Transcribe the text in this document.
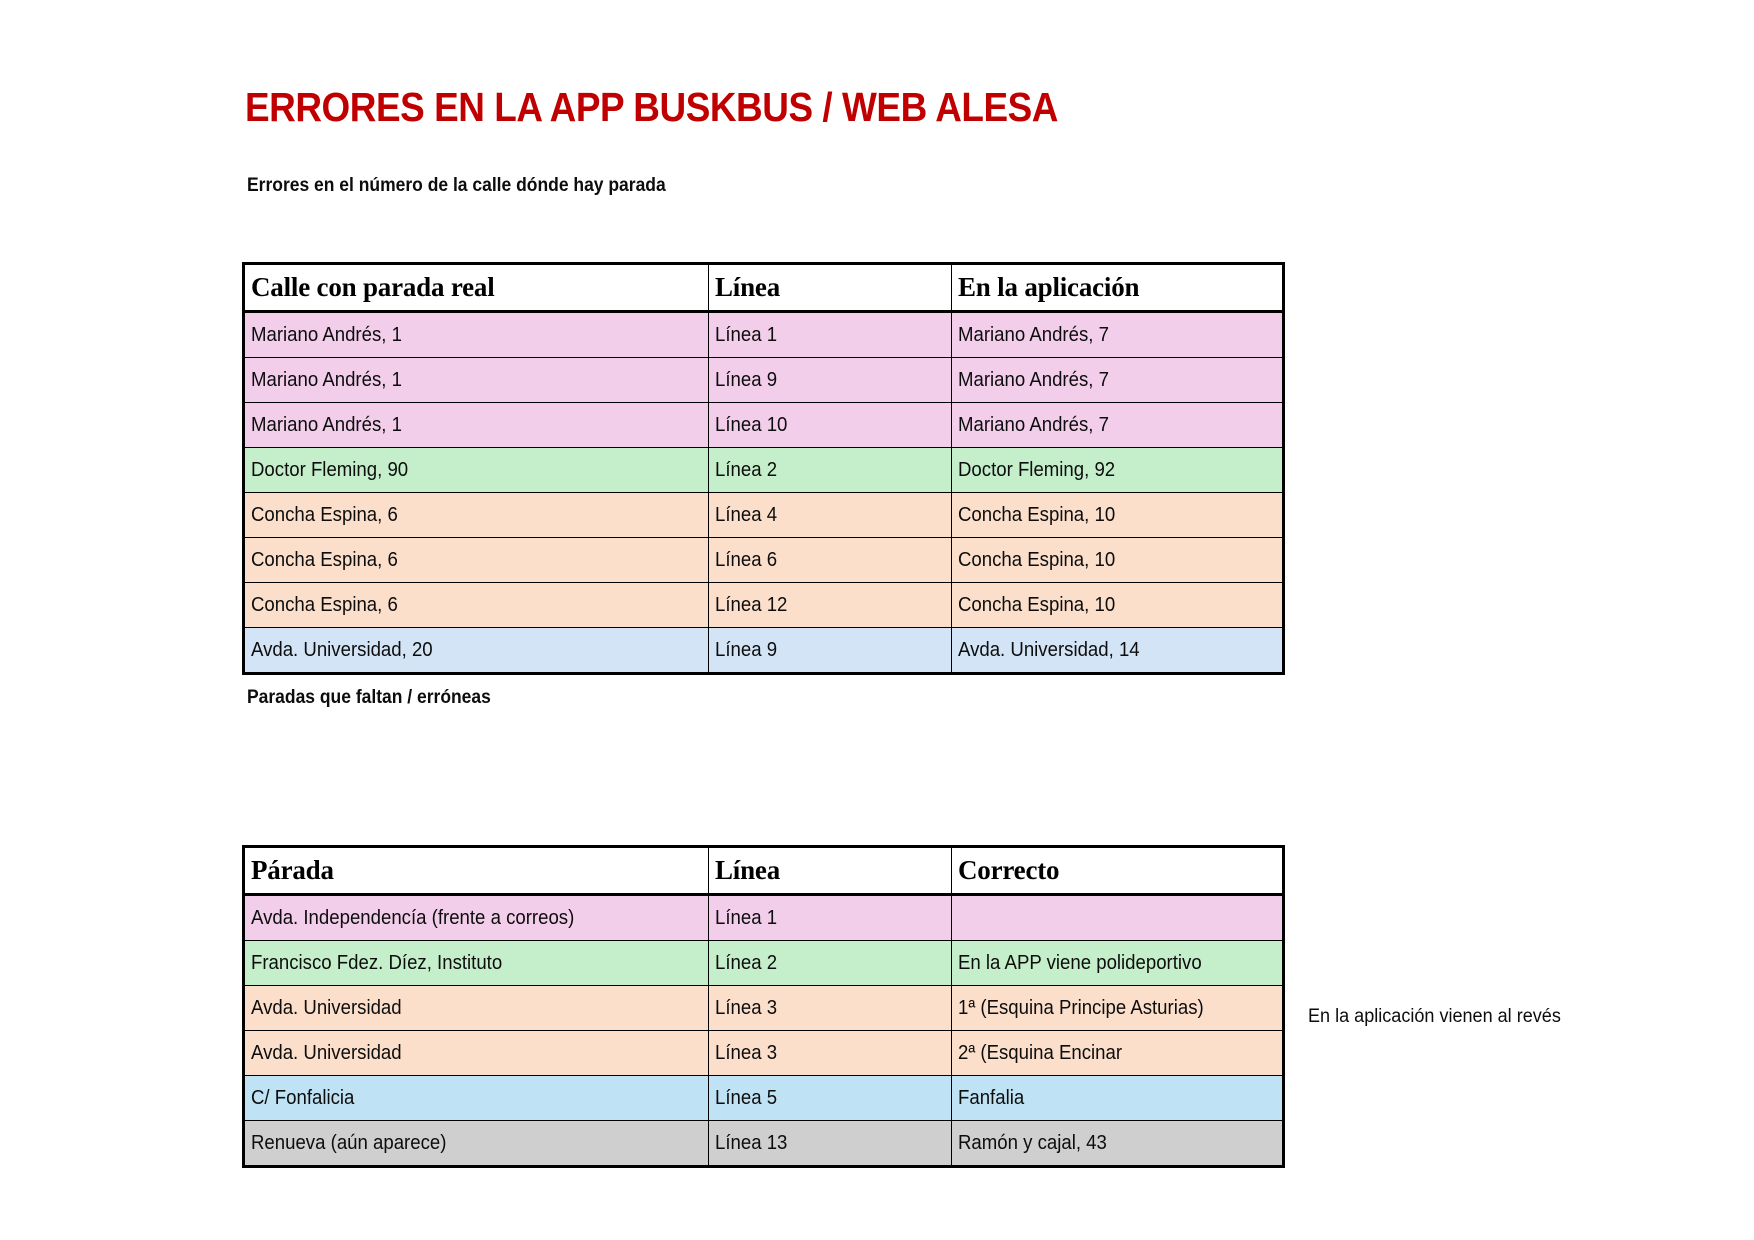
ERRORES EN LA APP BUSKBUS / WEB ALESA
Errores en el número de la calle dónde hay parada
Calle con parada real	Línea	En la aplicación
Mariano Andrés, 1	Línea 1	Mariano Andrés, 7
Mariano Andrés, 1	Línea 9	Mariano Andrés, 7
Mariano Andrés, 1	Línea 10	Mariano Andrés, 7
Doctor Fleming, 90	Línea 2	Doctor Fleming, 92
Concha Espina, 6	Línea 4	Concha Espina, 10
Concha Espina, 6	Línea 6	Concha Espina, 10
Concha Espina, 6	Línea 12	Concha Espina, 10
Avda. Universidad, 20	Línea 9	Avda. Universidad, 14
Paradas que faltan / erróneas
Párada	Línea	Correcto
Avda. Independencía (frente a correos)	Línea 1	
Francisco Fdez. Díez, Instituto	Línea 2	En la APP viene polideportivo
Avda. Universidad	Línea 3	1ª (Esquina Principe Asturias)
Avda. Universidad	Línea 3	2ª (Esquina Encinar
C/ Fonfalicia	Línea 5	Fanfalia
Renueva (aún aparece)	Línea 13	Ramón y cajal, 43
En la aplicación vienen al revés
